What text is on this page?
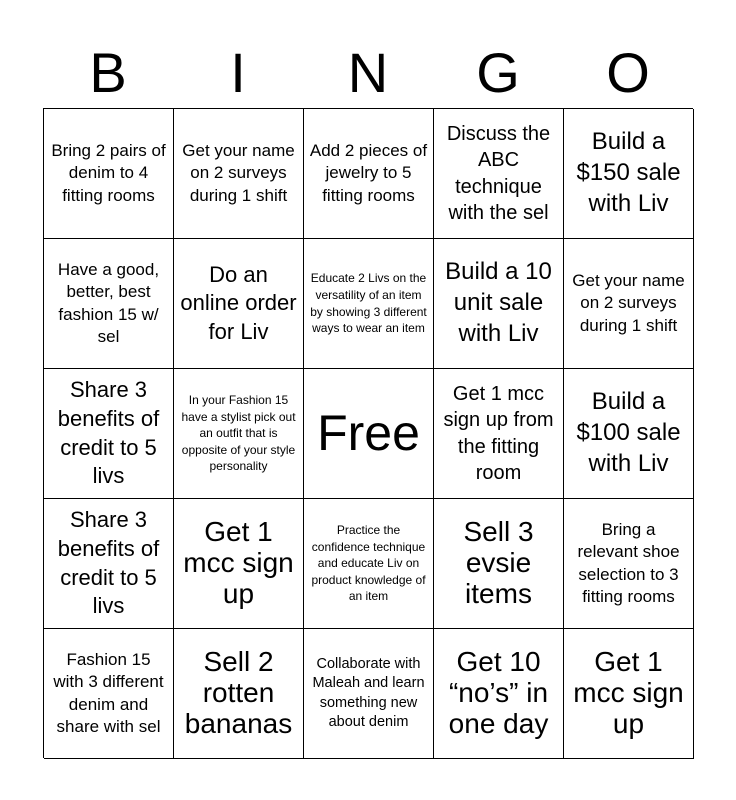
B	I	N	G	O
Bring 2 pairs of denim to 4 fitting rooms
Get your name on 2 surveys during 1 shift
Add 2 pieces of jewelry to 5 fitting rooms
Discuss the ABC technique with the sel
Build a $150 sale with Liv
Have a good, better, best fashion 15 w/ sel
Do an online order for Liv
Educate 2 Livs on the versatility of an item by showing 3 different ways to wear an item
Build a 10 unit sale with Liv
Get your name on 2 surveys during 1 shift
Share 3 benefits of credit to 5 livs
In your Fashion 15 have a stylist pick out an outfit that is opposite of your style personality
Free
Get 1 mcc sign up from the fitting room
Build a $100 sale with Liv
Share 3 benefits of credit to 5 livs
Get 1 mcc sign up
Practice the confidence technique and educate Liv on product knowledge of an item
Sell 3 evsie items
Bring a relevant shoe selection to 3 fitting rooms
Fashion 15 with 3 different denim and share with sel
Sell 2 rotten bananas
Collaborate with Maleah and learn something new about denim
Get 10 “no’s” in one day
Get 1 mcc sign up
